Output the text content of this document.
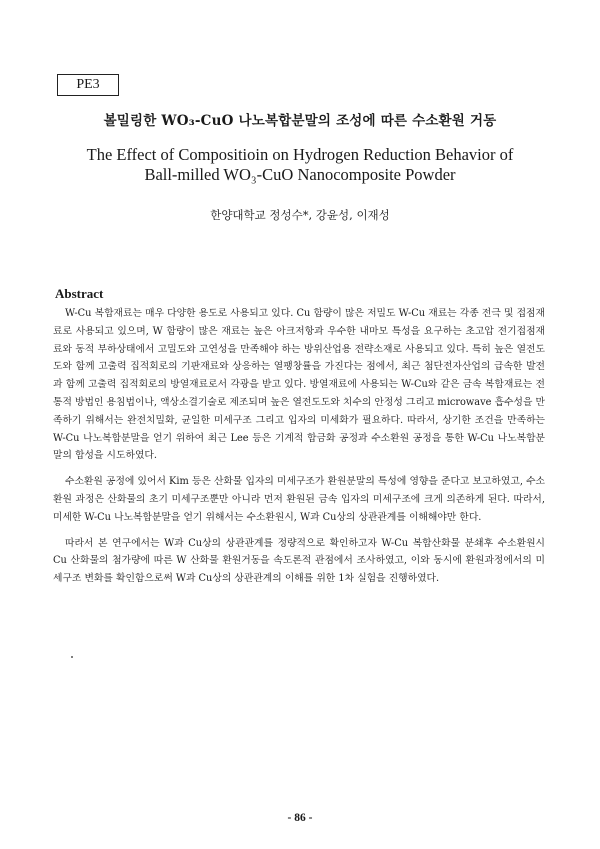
PE3
볼밀링한 WO₃-CuO 나노복합분말의 조성에 따른 수소환원 거동
The Effect of Compositioin on Hydrogen Reduction Behavior of
Ball-milled WO₃-CuO Nanocomposite Powder
한양대학교 정성수*, 강윤성, 이재성
Abstract

W-Cu 복합재료는 매우 다양한 용도로 사용되고 있다. Cu 함량이 많은 저밀도 W-Cu 재료는 각종 전극 및 접점재료로 사용되고 있으며, W 함량이 많은 재료는 높은 아크저항과 우수한 내마모 특성을 요구하는 초고압 전기접점재료와 동적 부하상태에서 고밀도와 고연성을 만족해야 하는 방위산업용 전략소재로 사용되고 있다. 특히 높은 열전도도와 함께 고출력 집적회로의 기판재료와 상응하는 열팽창률을 가진다는 점에서, 최근 첨단전자산업의 급속한 발전과 함께 고출력 집적회로의 방열재료로서 각광을 받고 있다. 방열재료에 사용되는 W-Cu와 같은 금속 복합재료는 전통적 방법인 용침법이나, 액상소결기술로 제조되며 높은 열전도도와 치수의 안정성 그리고 microwave 흡수성을 만족하기 위해서는 완전치밀화, 균일한 미세구조 그리고 입자의 미세화가 필요하다. 따라서, 상기한 조건을 만족하는 W-Cu 나노복합분말을 얻기 위하여 최근 Lee 등은 기계적 합금화 공정과 수소환원 공정을 통한 W-Cu 나노복합분말의 합성을 시도하였다.

수소환원 공정에 있어서 Kim 등은 산화물 입자의 미세구조가 환원분말의 특성에 영향을 준다고 보고하였고, 수소환원 과정은 산화물의 초기 미세구조뿐만 아니라 먼저 환원된 금속 입자의 미세구조에 크게 의존하게 된다. 따라서, 미세한 W-Cu 나노복합분말을 얻기 위해서는 수소환원시, W과 Cu상의 상관관계를 이해해야만 한다.

따라서 본 연구에서는 W과 Cu상의 상관관계를 정량적으로 확인하고자 W-Cu 복합산화물 분쇄후 수소환원시 Cu 산화물의 첨가량에 따른 W 산화물 환원거동을 속도론적 관점에서 조사하였고, 이와 동시에 환원과정에서의 미세구조 변화를 확인함으로써 W과 Cu상의 상관관계의 이해를 위한 1차 실험을 진행하였다.

- 86 -
